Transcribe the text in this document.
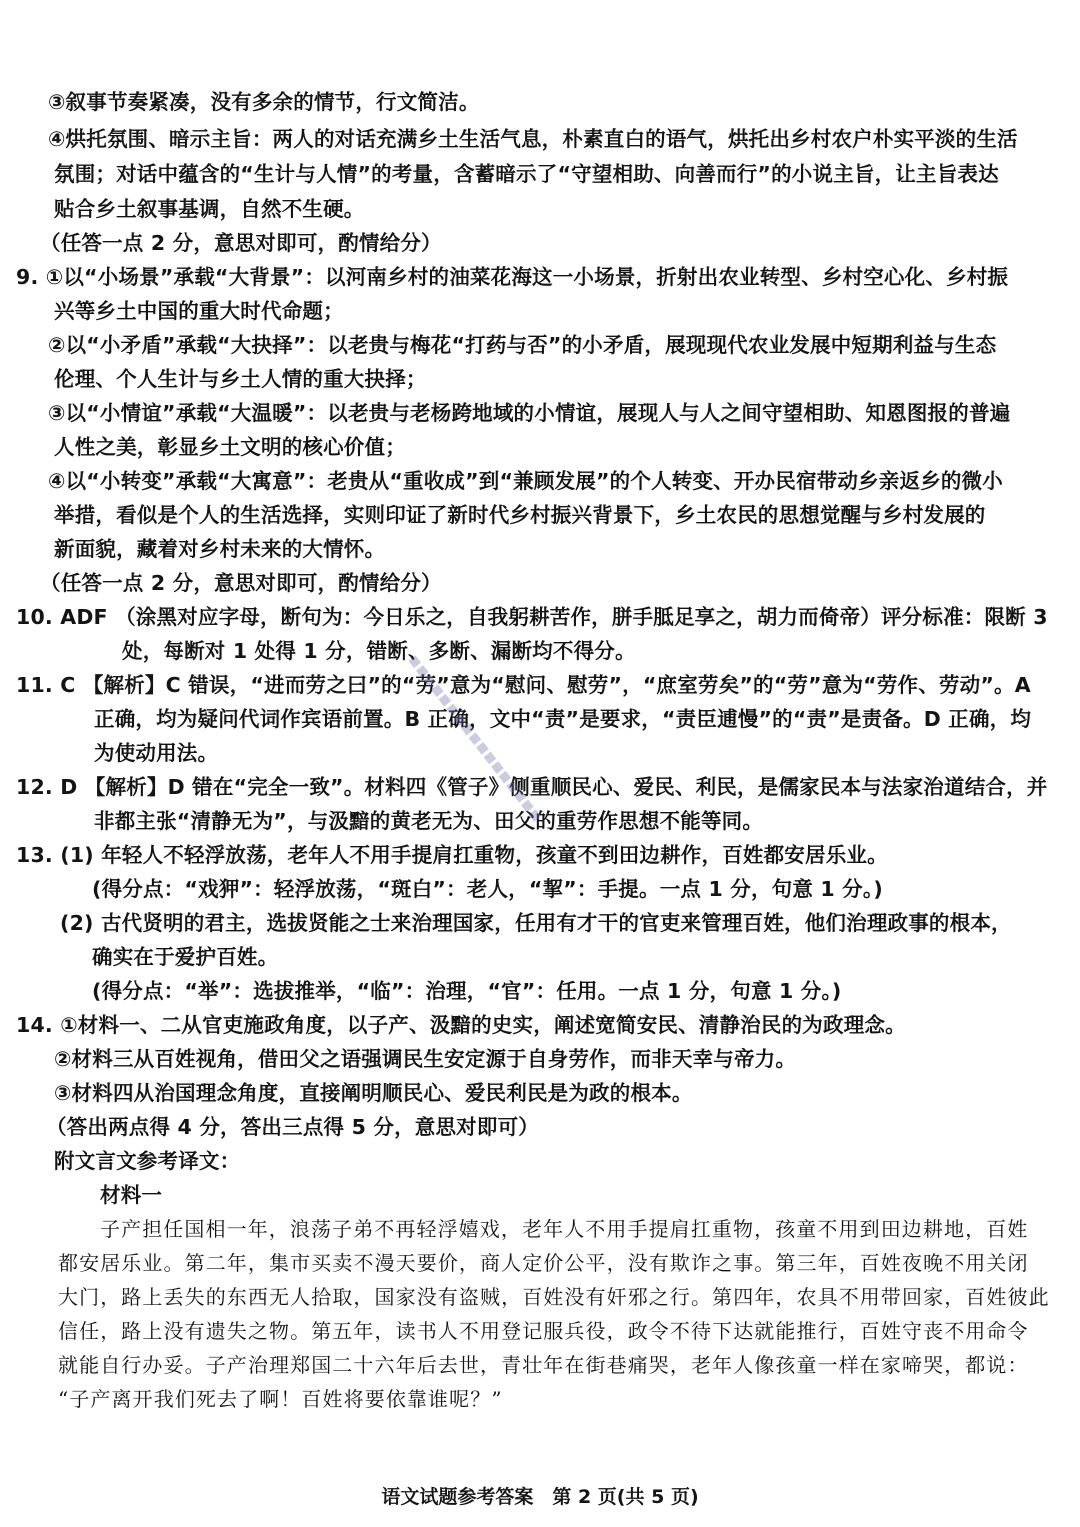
③叙事节奏紧凑，没有多余的情节，行文简洁。
④烘托氛围、暗示主旨：两人的对话充满乡土生活气息，朴素直白的语气，烘托出乡村农户朴实平淡的生活
氛围；对话中蕴含的“生计与人情”的考量，含蓄暗示了“守望相助、向善而行”的小说主旨，让主旨表达
贴合乡土叙事基调，自然不生硬。
（任答一点 2 分，意思对即可，酌情给分）
9. ①以“小场景”承载“大背景”：以河南乡村的油菜花海这一小场景，折射出农业转型、乡村空心化、乡村振
兴等乡土中国的重大时代命题；
②以“小矛盾”承载“大抉择”：以老贵与梅花“打药与否”的小矛盾，展现现代农业发展中短期利益与生态
伦理、个人生计与乡土人情的重大抉择；
③以“小情谊”承载“大温暖”：以老贵与老杨跨地域的小情谊，展现人与人之间守望相助、知恩图报的普遍
人性之美，彰显乡土文明的核心价值；
④以“小转变”承载“大寓意”：老贵从“重收成”到“兼顾发展”的个人转变、开办民宿带动乡亲返乡的微小
举措，看似是个人的生活选择，实则印证了新时代乡村振兴背景下，乡土农民的思想觉醒与乡村发展的
新面貌，藏着对乡村未来的大情怀。
（任答一点 2 分，意思对即可，酌情给分）
10. ADF （涂黑对应字母，断句为：今日乐之，自我躬耕苦作，胼手胝足享之，胡力而倚帝）评分标准：限断 3
处，每断对 1 处得 1 分，错断、多断、漏断均不得分。
11. C 【解析】C 错误，“进而劳之曰”的“劳”意为“慰问、慰劳”，“庶室劳矣”的“劳”意为“劳作、劳动”。A
正确，均为疑问代词作宾语前置。B 正确，文中“责”是要求，“责臣逋慢”的“责”是责备。D 正确，均
为使动用法。
12. D 【解析】D 错在“完全一致”。材料四《管子》侧重顺民心、爱民、利民，是儒家民本与法家治道结合，并
非都主张“清静无为”，与汲黯的黄老无为、田父的重劳作思想不能等同。
13. (1) 年轻人不轻浮放荡，老年人不用手提肩扛重物，孩童不到田边耕作，百姓都安居乐业。
(得分点：“戏狎”：轻浮放荡，“斑白”：老人，“挈”：手提。一点 1 分，句意 1 分。)
(2) 古代贤明的君主，选拔贤能之士来治理国家，任用有才干的官吏来管理百姓，他们治理政事的根本，
确实在于爱护百姓。
(得分点：“举”：选拔推举，“临”：治理，“官”：任用。一点 1 分，句意 1 分。)
14. ①材料一、二从官吏施政角度，以子产、汲黯的史实，阐述宽简安民、清静治民的为政理念。
②材料三从百姓视角，借田父之语强调民生安定源于自身劳作，而非天幸与帝力。
③材料四从治国理念角度，直接阐明顺民心、爱民利民是为政的根本。
（答出两点得 4 分，答出三点得 5 分，意思对即可）
附文言文参考译文：
材料一
子产担任国相一年，浪荡子弟不再轻浮嬉戏，老年人不用手提肩扛重物，孩童不用到田边耕地，百姓
都安居乐业。第二年，集市买卖不漫天要价，商人定价公平，没有欺诈之事。第三年，百姓夜晚不用关闭
大门，路上丢失的东西无人拾取，国家没有盗贼，百姓没有奸邪之行。第四年，农具不用带回家，百姓彼此
信任，路上没有遗失之物。第五年，读书人不用登记服兵役，政令不待下达就能推行，百姓守丧不用命令
就能自行办妥。子产治理郑国二十六年后去世，青壮年在街巷痛哭，老年人像孩童一样在家啼哭，都说：
“子产离开我们死去了啊！百姓将要依靠谁呢？”
▪▪▪▪▪▪▪▪▪▪▪▪▪▪▪▪▪
语文试题参考答案　第 2 页(共 5 页)
